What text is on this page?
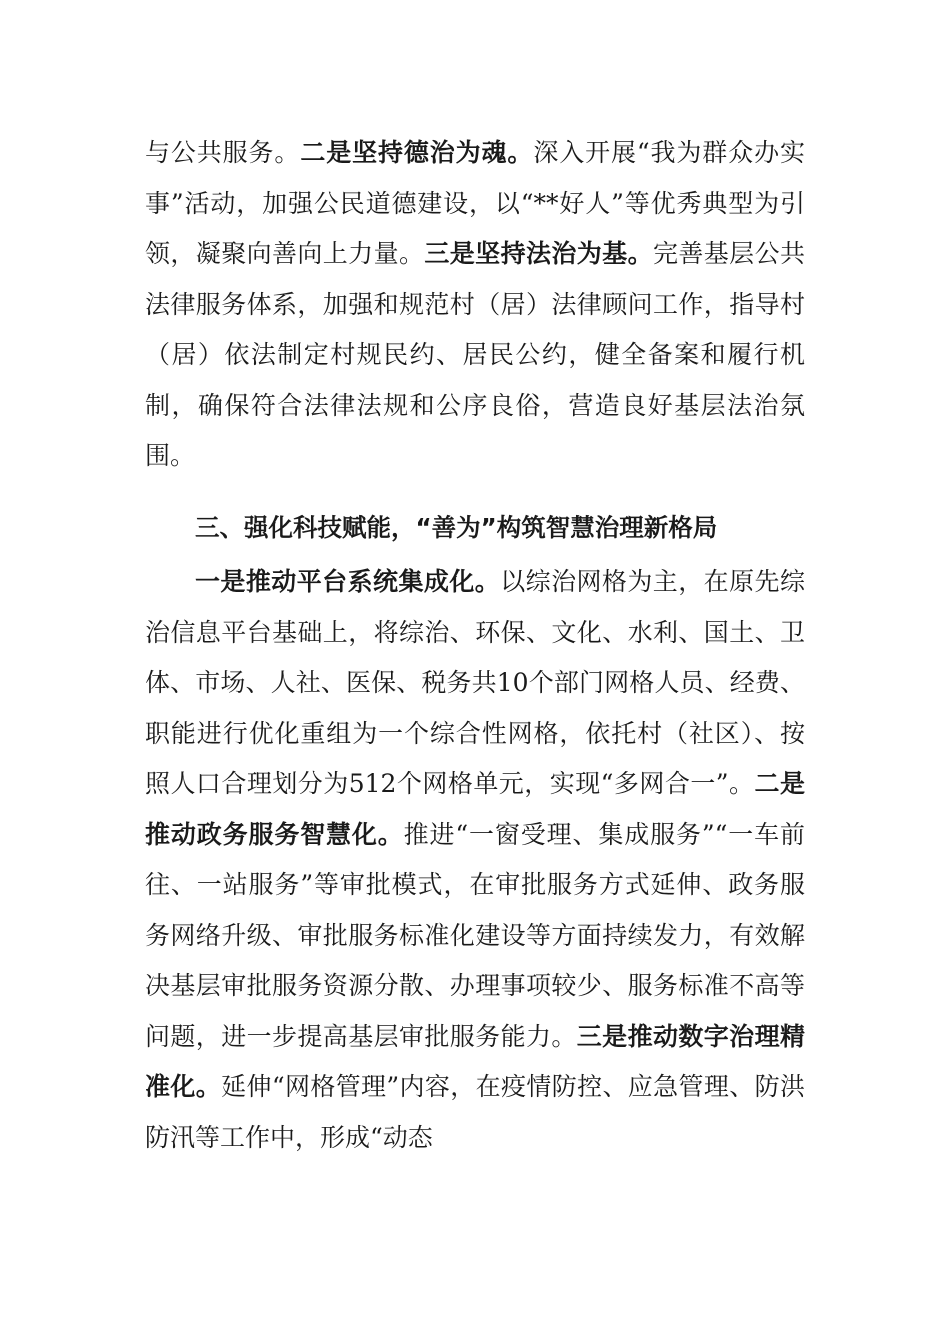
与公共服务。二是坚持德治为魂。深入开展“我为群众办实事”活动，加强公民道德建设，以“**好人”等优秀典型为引领，凝聚向善向上力量。三是坚持法治为基。完善基层公共法律服务体系，加强和规范村（居）法律顾问工作，指导村（居）依法制定村规民约、居民公约，健全备案和履行机制，确保符合法律法规和公序良俗，营造良好基层法治氛围。

三、强化科技赋能，“善为”构筑智慧治理新格局

一是推动平台系统集成化。以综治网格为主，在原先综治信息平台基础上，将综治、环保、文化、水利、国土、卫体、市场、人社、医保、税务共10个部门网格人员、经费、职能进行优化重组为一个综合性网格，依托村（社区）、按照人口合理划分为512个网格单元，实现“多网合一”。二是推动政务服务智慧化。推进“一窗受理、集成服务”“一车前往、一站服务”等审批模式，在审批服务方式延伸、政务服务网络升级、审批服务标准化建设等方面持续发力，有效解决基层审批服务资源分散、办理事项较少、服务标准不高等问题，进一步提高基层审批服务能力。三是推动数字治理精准化。延伸“网格管理”内容，在疫情防控、应急管理、防洪防汛等工作中，形成“动态
